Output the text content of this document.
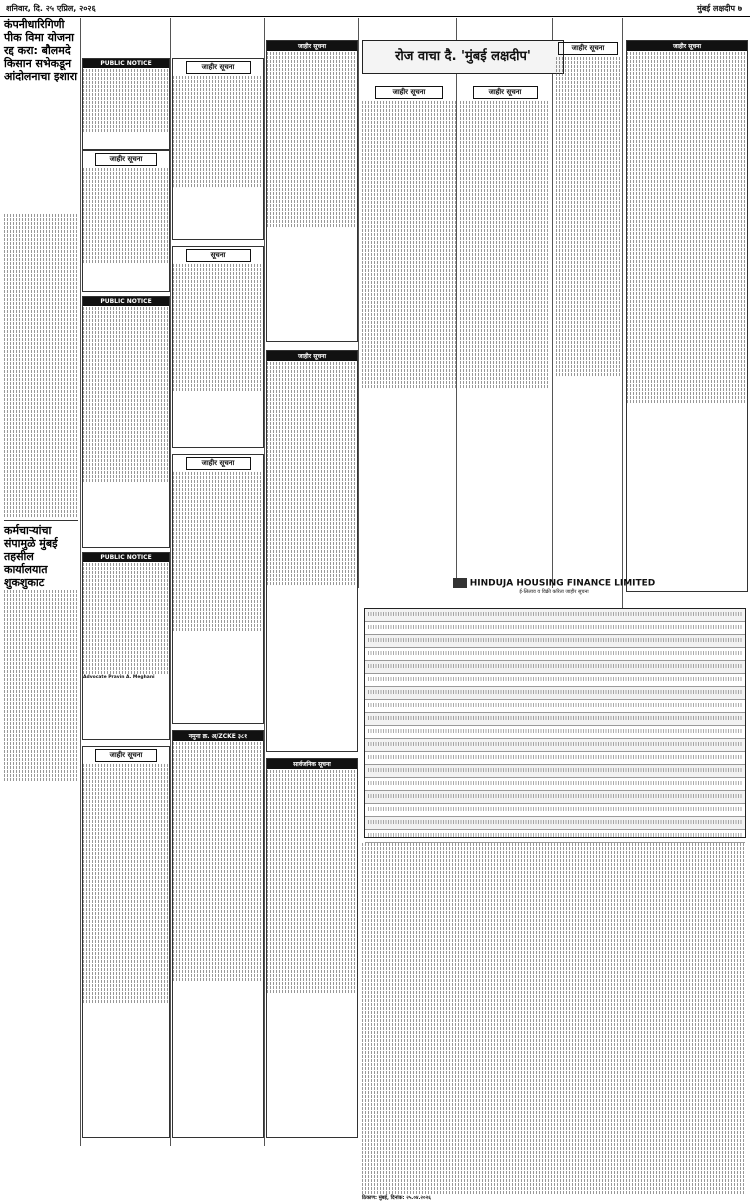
शनिवार, दि. २५ एप्रिल, २०२६	मुंबई लक्षदीप ७
कंपनीधारिगिणी पीक विमा योजना रद्द करा: बौलमदे किसान सभेकडून आंदोलनाचा इशारा
कर्मचाऱ्यांचा संपामुळे मुंबई तहसील कार्यालयात शुकशुकाट
जाहीर सूचना
PUBLIC NOTICE
PUBLIC NOTICE
PUBLIC NOTICE
Advocate Pravin A. Meghani
जाहीर सूचना
जाहीर सूचना
सूचना
जाहीर सूचना
नमुना क्र. अ/ZCKE ३८१
जाहीर सूचना
जाहीर सूचना
सार्वजनिक सूचना
रोज वाचा दै. 'मुंबई लक्षदीप'
जाहीर सूचना	जाहीर सूचना
जाहीर सूचना	जाहीर सूचना
HINDUJA HOUSING FINANCE LIMITED
ई-लिलाव व विक्री करिता जाहीर सूचना
ठिकाण: मुंबई, दिनांक: २५.०४.२०२६
